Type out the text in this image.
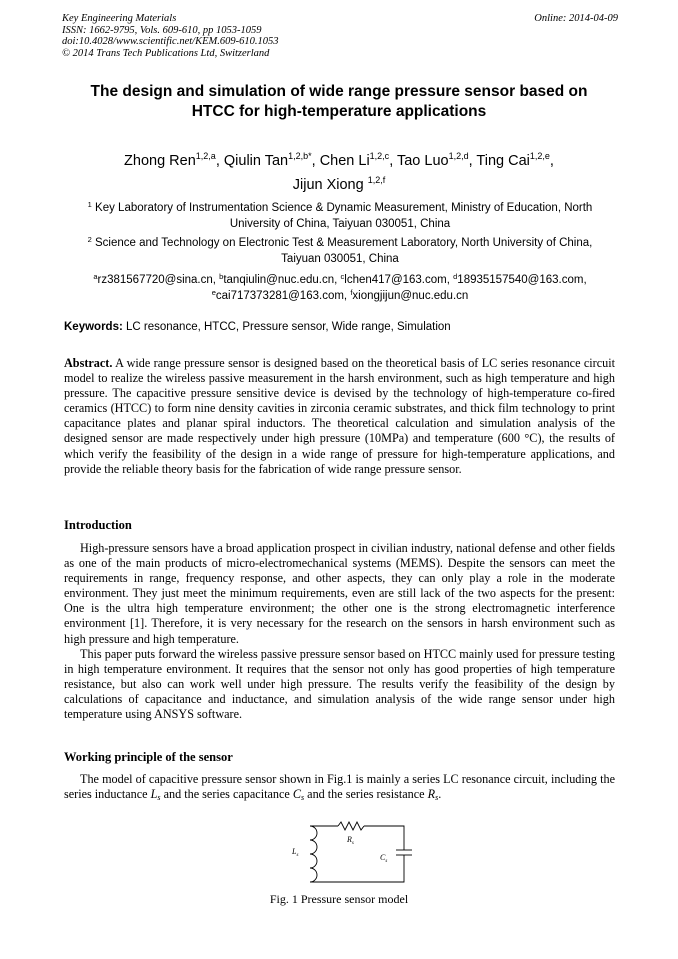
Key Engineering Materials
ISSN: 1662-9795, Vols. 609-610, pp 1053-1059
doi:10.4028/www.scientific.net/KEM.609-610.1053
© 2014 Trans Tech Publications Ltd, Switzerland
Online: 2014-04-09
The design and simulation of wide range pressure sensor based on
HTCC for high-temperature applications
Zhong Ren$^{1,2,a}$, Qiulin Tan$^{1,2,b*}$, Chen Li$^{1,2,c}$, Tao Luo$^{1,2,d}$, Ting Cai$^{1,2,e}$,
Jijun Xiong $^{1,2,f}$
$^1$ Key Laboratory of Instrumentation Science & Dynamic Measurement, Ministry of Education, North
University of China, Taiyuan 030051, China
$^2$ Science and Technology on Electronic Test & Measurement Laboratory, North University of China,
Taiyuan 030051, China
$^a$rz381567720@sina.cn, $^b$tanqiulin@nuc.edu.cn, $^c$lchen417@163.com, $^d$18935157540@163.com,
$^e$cai717373281@163.com, $^f$xiongjijun@nuc.edu.cn
Keywords: LC resonance, HTCC, Pressure sensor, Wide range, Simulation

Abstract. A wide range pressure sensor is designed based on the theoretical basis of LC series resonance circuit model to realize the wireless passive measurement in the harsh environment, such as high temperature and high pressure. The capacitive pressure sensitive device is devised by the technology of high-temperature co-fired ceramics (HTCC) to form nine density cavities in zirconia ceramic substrates, and thick film technology to print capacitance plates and planar spiral inductors. The theoretical calculation and simulation analysis of the designed sensor are made respectively under high pressure (10MPa) and temperature (600 °C), the results of which verify the feasibility of the design in a wide range of pressure for high-temperature applications, and provide the reliable theory basis for the fabrication of wide range pressure sensor.

Introduction

High-pressure sensors have a broad application prospect in civilian industry, national defense and other fields as one of the main products of micro-electromechanical systems (MEMS). Despite the sensors can meet the requirements in range, frequency response, and other aspects, they can only play a role in the moderate environment. They just meet the minimum requirements, even are still lack of the two aspects for the present: One is the ultra high temperature environment; the other one is the strong electromagnetic interference environment [1]. Therefore, it is very necessary for the research on the sensors in harsh environment such as high pressure and high temperature.

This paper puts forward the wireless passive pressure sensor based on HTCC mainly used for pressure testing in high temperature environment. It requires that the sensor not only has good properties of high temperature resistance, but also can work well under high pressure. The results verify the feasibility of the design by calculations of capacitance and inductance, and simulation analysis of the wide range sensor under high temperature using ANSYS software.

Working principle of the sensor

The model of capacitive pressure sensor shown in Fig.1 is mainly a series LC resonance circuit, including the series inductance $L_s$ and the series capacitance $C_s$ and the series resistance $R_s$.

$L_s$
$R_s$
$C_s$
Fig. 1 Pressure sensor model
